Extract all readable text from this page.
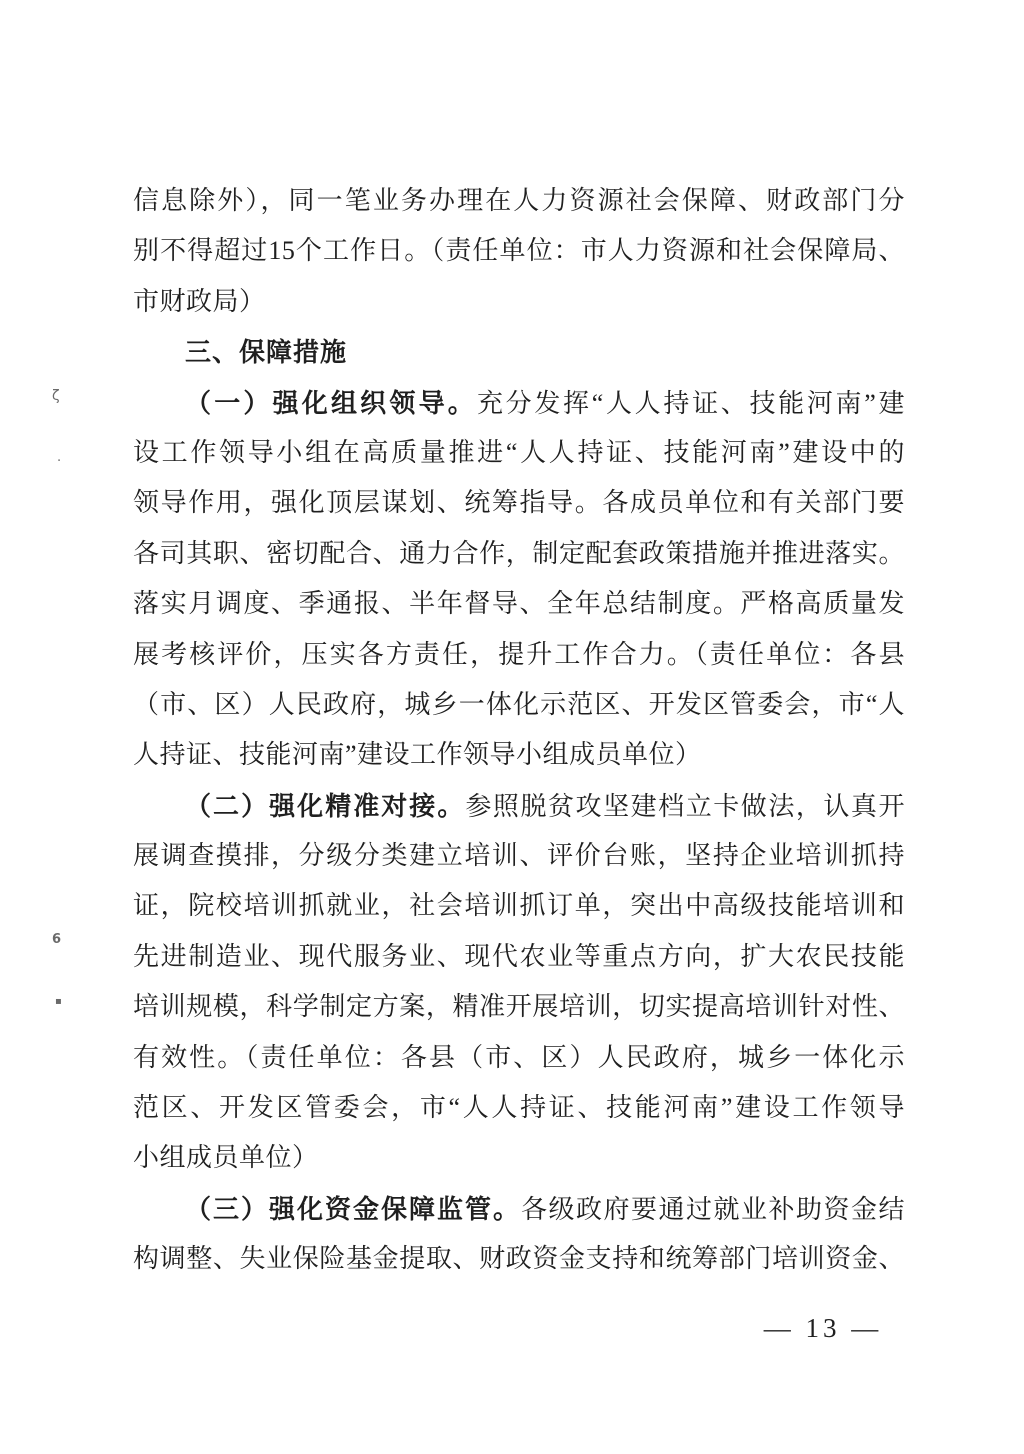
信息除外），同一笔业务办理在人力资源社会保障、财政部门分
别不得超过15个工作日。（责任单位：市人力资源和社会保障局、
市财政局）
三、保障措施
（一）强化组织领导。充分发挥“人人持证、技能河南”建
设工作领导小组在高质量推进“人人持证、技能河南”建设中的
领导作用，强化顶层谋划、统筹指导。各成员单位和有关部门要
各司其职、密切配合、通力合作，制定配套政策措施并推进落实。
落实月调度、季通报、半年督导、全年总结制度。严格高质量发
展考核评价，压实各方责任，提升工作合力。（责任单位：各县
（市、区）人民政府，城乡一体化示范区、开发区管委会，市“人
人持证、技能河南”建设工作领导小组成员单位）
（二）强化精准对接。参照脱贫攻坚建档立卡做法，认真开
展调查摸排，分级分类建立培训、评价台账，坚持企业培训抓持
证，院校培训抓就业，社会培训抓订单，突出中高级技能培训和
先进制造业、现代服务业、现代农业等重点方向，扩大农民技能
培训规模，科学制定方案，精准开展培训，切实提高培训针对性、
有效性。（责任单位：各县（市、区）人民政府，城乡一体化示
范区、开发区管委会，市“人人持证、技能河南”建设工作领导
小组成员单位）
（三）强化资金保障监管。各级政府要通过就业补助资金结
构调整、失业保险基金提取、财政资金支持和统筹部门培训资金、
ζ
·
6
▪
— 13 —
